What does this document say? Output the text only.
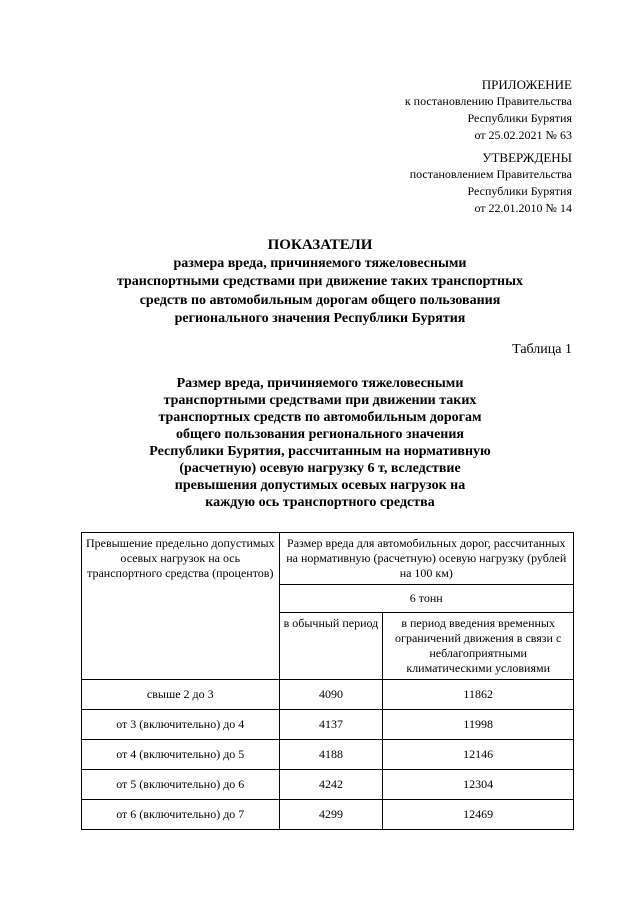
ПРИЛОЖЕНИЕ
к постановлению Правительства
Республики Бурятия
от 25.02.2021 № 63
УТВЕРЖДЕНЫ
постановлением Правительства
Республики Бурятия
от 22.01.2010 № 14
ПОКАЗАТЕЛИ
размера вреда, причиняемого тяжеловесными
транспортными средствами при движение таких транспортных
средств по автомобильным дорогам общего пользования
регионального значения Республики Бурятия
Таблица 1
Размер вреда, причиняемого тяжеловесными
транспортными средствами при движении таких
транспортных средств по автомобильным дорогам
общего пользования регионального значения
Республики Бурятия, рассчитанным на нормативную
(расчетную) осевую нагрузку 6 т, вследствие
превышения допустимых осевых нагрузок на
каждую ось транспортного средства
Превышение предельно допустимых осевых нагрузок на ось транспортного средства (процентов)	Размер вреда для автомобильных дорог, рассчитанных на нормативную (расчетную) осевую нагрузку (рублей на 100 км)	
	6 тонн	
	в обычный период	в период введения временных ограничений движения в связи с неблагоприятными климатическими условиями
свыше 2 до 3	4090	11862
от 3 (включительно) до 4	4137	11998
от 4 (включительно) до 5	4188	12146
от 5 (включительно) до 6	4242	12304
от 6 (включительно) до 7	4299	12469
